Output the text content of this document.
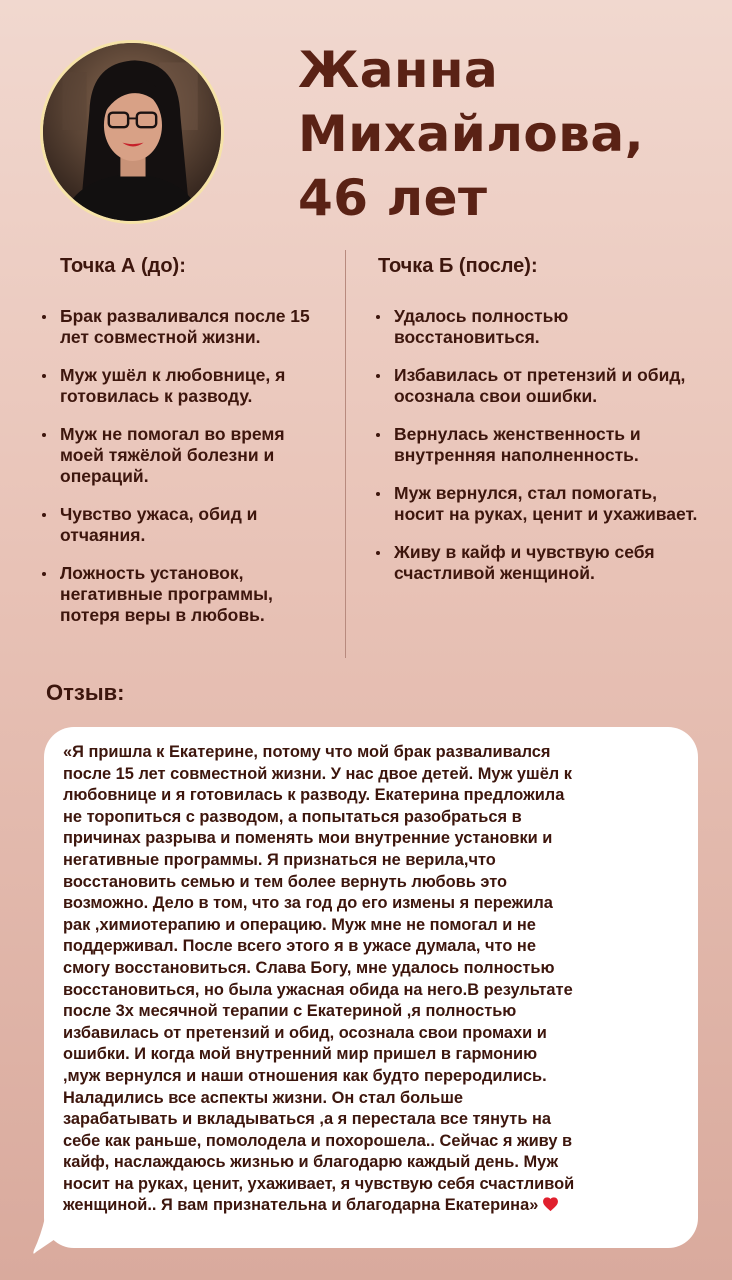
Жанна
Михайлова,
46 лет
Точка А (до):	Точка Б (после):
Брак разваливался после 15 лет совместной жизни.
Муж ушёл к любовнице, я готовилась к разводу.
Муж не помогал во время моей тяжёлой болезни и операций.
Чувство ужаса, обид и отчаяния.
Ложность установок, негативные программы, потеря веры в любовь.
Удалось полностью восстановиться.
Избавилась от претензий и обид, осознала свои ошибки.
Вернулась женственность и внутренняя наполненность.
Муж вернулся, стал помогать, носит на руках, ценит и ухаживает.
Живу в кайф и чувствую себя счастливой женщиной.
Отзыв:
«Я пришла к Екатерине, потому что мой брак разваливался
после 15 лет совместной жизни. У нас двое детей. Муж ушёл к
любовнице и я готовилась к разводу. Екатерина предложила
не торопиться с разводом, а попытаться разобраться в
причинах разрыва и поменять мои внутренние установки и
негативные программы. Я признаться не верила,что
восстановить семью и тем более вернуть любовь это
возможно. Дело в том, что за год до его измены я пережила
рак ,химиотерапию и операцию. Муж мне не помогал и не
поддерживал. После всего этого я в ужасе думала, что не
смогу восстановиться. Слава Богу, мне удалось полностью
восстановиться, но была ужасная обида на него.В результате
после 3х месячной терапии с Екатериной ,я полностью
избавилась от претензий и обид, осознала свои промахи и
ошибки. И когда мой внутренний мир пришел в гармонию
,муж вернулся и наши отношения как будто переродились.
Наладились все аспекты жизни. Он стал больше
зарабатывать и вкладываться ,а я перестала все тянуть на
себе как раньше, помолодела и похорошела.. Сейчас я живу в
кайф, наслаждаюсь жизнью и благодарю каждый день. Муж
носит на руках, ценит, ухаживает, я чувствую себя счастливой
женщиной.. Я вам признательна и благодарна Екатерина»
